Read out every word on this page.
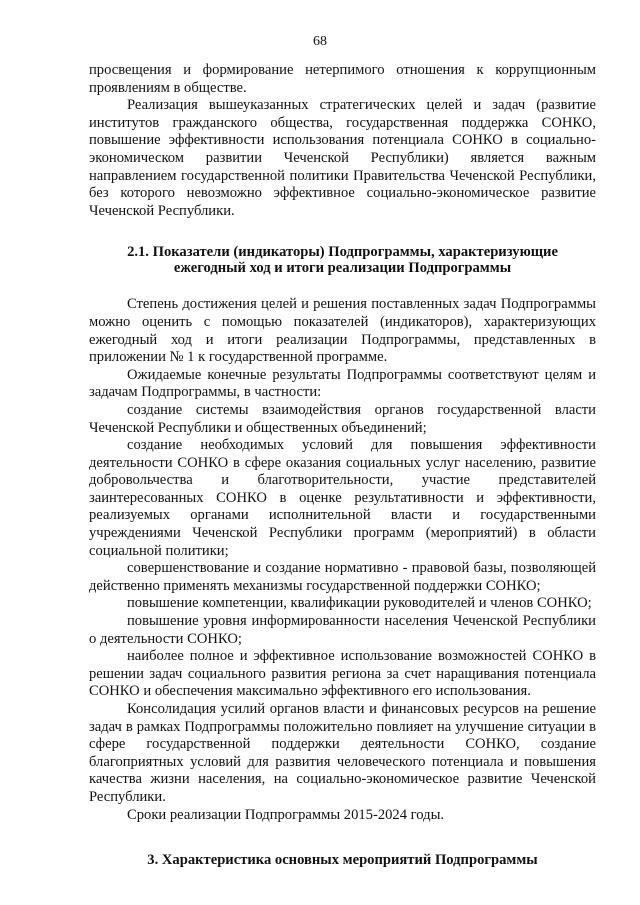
68

просвещения и формирование нетерпимого отношения к коррупционным проявлениям в обществе.

Реализация вышеуказанных стратегических целей и задач (развитие институтов гражданского общества, государственная поддержка СОНКО, повышение эффективности использования потенциала СОНКО в социально-экономическом развитии Чеченской Республики) является важным направлением государственной политики Правительства Чеченской Республики, без которого невозможно эффективное социально-экономическое развитие Чеченской Республики.

2.1. Показатели (индикаторы) Подпрограммы, характеризующие
ежегодный ход и итоги реализации Подпрограммы

Степень достижения целей и решения поставленных задач Подпрограммы можно оценить с помощью показателей (индикаторов), характеризующих ежегодный ход и итоги реализации Подпрограммы, представленных в приложении № 1 к государственной программе.

Ожидаемые конечные результаты Подпрограммы соответствуют целям и задачам Подпрограммы, в частности:

создание системы взаимодействия органов государственной власти Чеченской Республики и общественных объединений;

создание необходимых условий для повышения эффективности деятельности СОНКО в сфере оказания социальных услуг населению, развитие добровольчества и благотворительности, участие представителей заинтересованных СОНКО в оценке результативности и эффективности, реализуемых органами исполнительной власти и государственными учреждениями Чеченской Республики программ (мероприятий) в области социальной политики;

совершенствование и создание нормативно - правовой базы, позволяющей действенно применять механизмы государственной поддержки СОНКО;

повышение компетенции, квалификации руководителей и членов СОНКО;

повышение уровня информированности населения Чеченской Республики о деятельности СОНКО;

наиболее полное и эффективное использование возможностей СОНКО в решении задач социального развития региона за счет наращивания потенциала СОНКО и обеспечения максимально эффективного его использования.

Консолидация усилий органов власти и финансовых ресурсов на решение задач в рамках Подпрограммы положительно повлияет на улучшение ситуации в сфере государственной поддержки деятельности СОНКО, создание благоприятных условий для развития человеческого потенциала и повышения качества жизни населения, на социально-экономическое развитие Чеченской Республики.

Сроки реализации Подпрограммы 2015-2024 годы.

3. Характеристика основных мероприятий Подпрограммы
